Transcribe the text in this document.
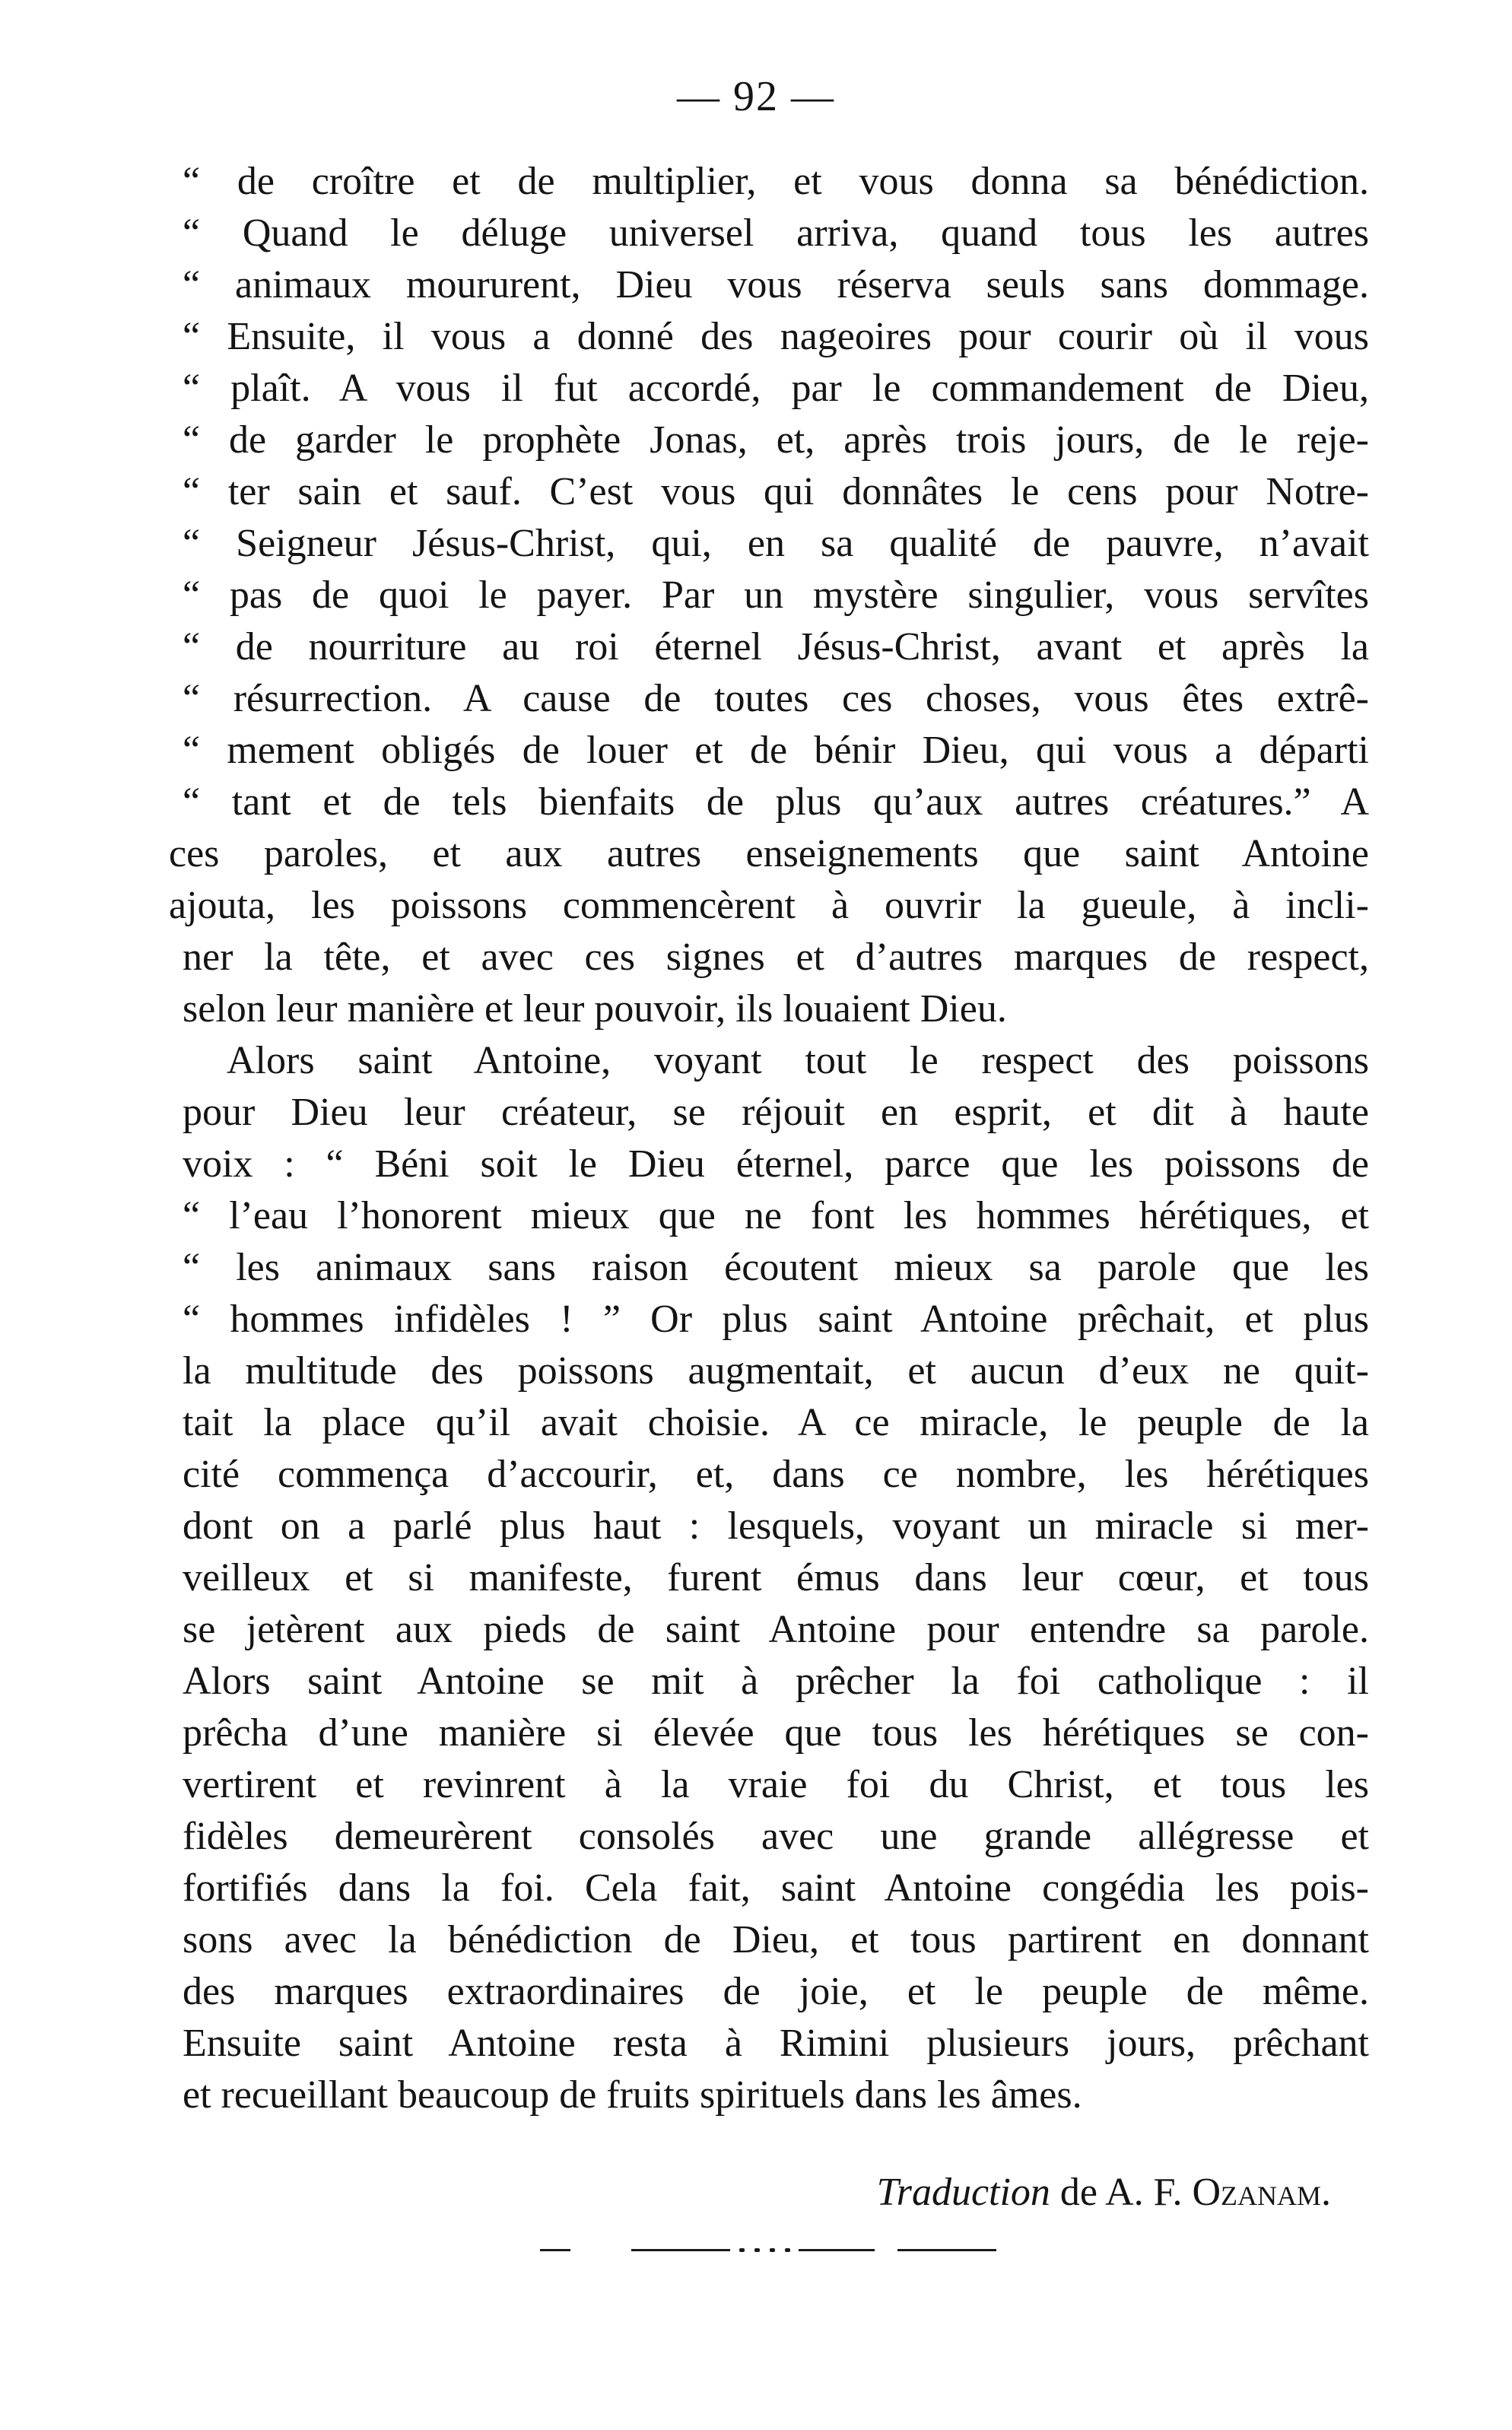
— 92 —
“ de croître et de multiplier, et vous donna sa bénédiction.
“ Quand le déluge universel arriva, quand tous les autres
“ animaux moururent, Dieu vous réserva seuls sans dommage.
“ Ensuite, il vous a donné des nageoires pour courir où il vous
“ plaît. A vous il fut accordé, par le commandement de Dieu,
“ de garder le prophète Jonas, et, après trois jours, de le reje-
“ ter sain et sauf. C’est vous qui donnâtes le cens pour Notre-
“ Seigneur Jésus-Christ, qui, en sa qualité de pauvre, n’avait
“ pas de quoi le payer. Par un mystère singulier, vous servîtes
“ de nourriture au roi éternel Jésus-Christ, avant et après la
“ résurrection. A cause de toutes ces choses, vous êtes extrê-
“ mement obligés de louer et de bénir Dieu, qui vous a départi
“ tant et de tels bienfaits de plus qu’aux autres créatures.” A
ces paroles, et aux autres enseignements que saint Antoine
ajouta, les poissons commencèrent à ouvrir la gueule, à incli-
ner la tête, et avec ces signes et d’autres marques de respect,
selon leur manière et leur pouvoir, ils louaient Dieu.
Alors saint Antoine, voyant tout le respect des poissons
pour Dieu leur créateur, se réjouit en esprit, et dit à haute
voix : “ Béni soit le Dieu éternel, parce que les poissons de
“ l’eau l’honorent mieux que ne font les hommes hérétiques, et
“ les animaux sans raison écoutent mieux sa parole que les
“ hommes infidèles ! ” Or plus saint Antoine prêchait, et plus
la multitude des poissons augmentait, et aucun d’eux ne quit-
tait la place qu’il avait choisie. A ce miracle, le peuple de la
cité commença d’accourir, et, dans ce nombre, les hérétiques
dont on a parlé plus haut : lesquels, voyant un miracle si mer-
veilleux et si manifeste, furent émus dans leur cœur, et tous
se jetèrent aux pieds de saint Antoine pour entendre sa parole.
Alors saint Antoine se mit à prêcher la foi catholique : il
prêcha d’une manière si élevée que tous les hérétiques se con-
vertirent et revinrent à la vraie foi du Christ, et tous les
fidèles demeurèrent consolés avec une grande allégresse et
fortifiés dans la foi. Cela fait, saint Antoine congédia les pois-
sons avec la bénédiction de Dieu, et tous partirent en donnant
des marques extraordinaires de joie, et le peuple de même.
Ensuite saint Antoine resta à Rimini plusieurs jours, prêchant
et recueillant beaucoup de fruits spirituels dans les âmes.
Traduction de A. F. Ozanam.
